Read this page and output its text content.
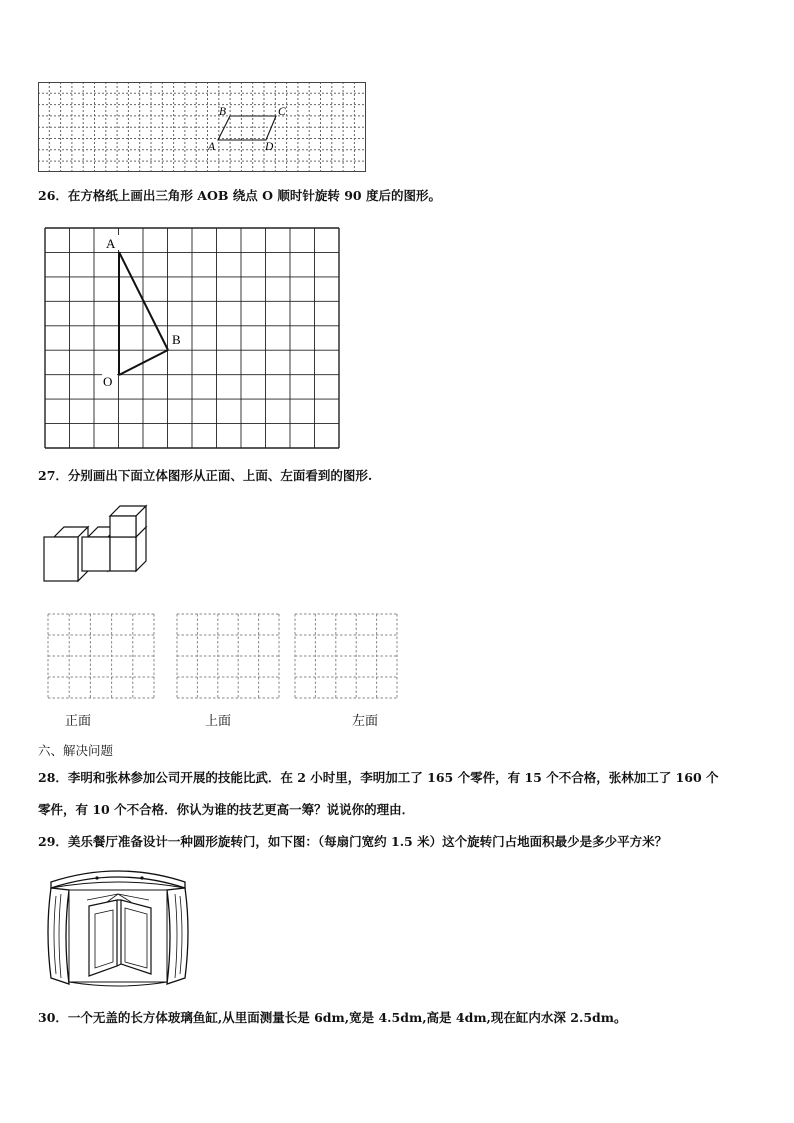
B	C
A	D
26．在方格纸上画出三角形 AOB 绕点 O 顺时针旋转 90 度后的图形。
A
B
O
27．分别画出下面立体图形从正面、上面、左面看到的图形.
正面	上面	左面
六、解决问题
28．李明和张林参加公司开展的技能比武．在 2 小时里，李明加工了 165 个零件，有 15 个不合格，张林加工了 160 个
零件，有 10 个不合格．你认为谁的技艺更高一筹？说说你的理由．
29．美乐餐厅准备设计一种圆形旋转门，如下图：（每扇门宽约 1.5 米）这个旋转门占地面积最少是多少平方米？
30．一个无盖的长方体玻璃鱼缸,从里面测量长是 6dm,宽是 4.5dm,高是 4dm,现在缸内水深 2.5dm。
